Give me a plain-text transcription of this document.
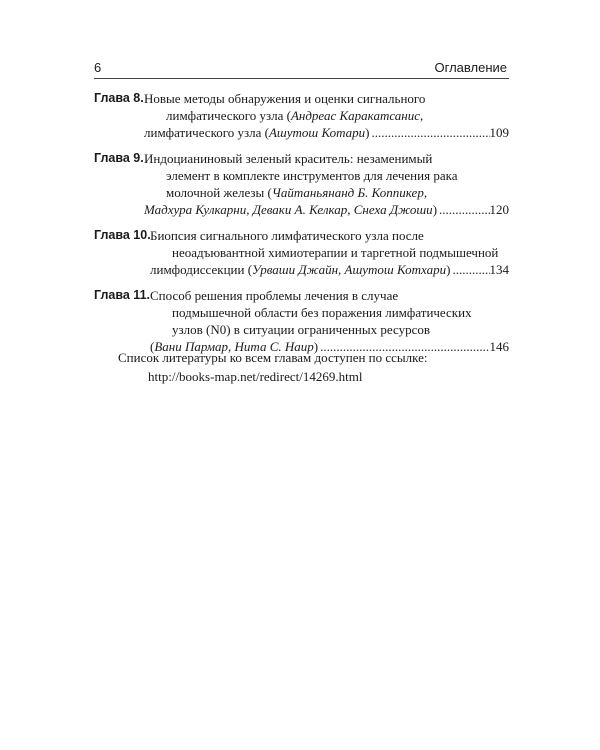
6	Оглавление
Глава 8. Новые методы обнаружения и оценки сигнального
лимфатического узла (Андреас Каракатсанис,
лимфатического узла ( Ашутош Котари ) .....	109
Глава 9. Индоцианиновый зеленый краситель: незаменимый
элемент в комплекте инструментов для лечения рака
молочной железы (Чайтаньянанд Б. Коппикер,
Мадхура Кулкарни, Деваки А. Келкар, Снеха Джоши ) .....	120
Глава 10. Биопсия сигнального лимфатического узла после
неоадъювантной химиотерапии и таргетной подмышечной
лимфодиссекции ( Урваши Джайн, Ашутош Котхари ) .....	134
Глава 11. Способ решения проблемы лечения в случае
подмышечной области без поражения лимфатических
узлов (N0) в ситуации ограниченных ресурсов
( Вани Пармар, Нита С. Наир ) .....	146
Список литературы ко всем главам доступен по ссылке:
http://books-map.net/redirect/14269.html
